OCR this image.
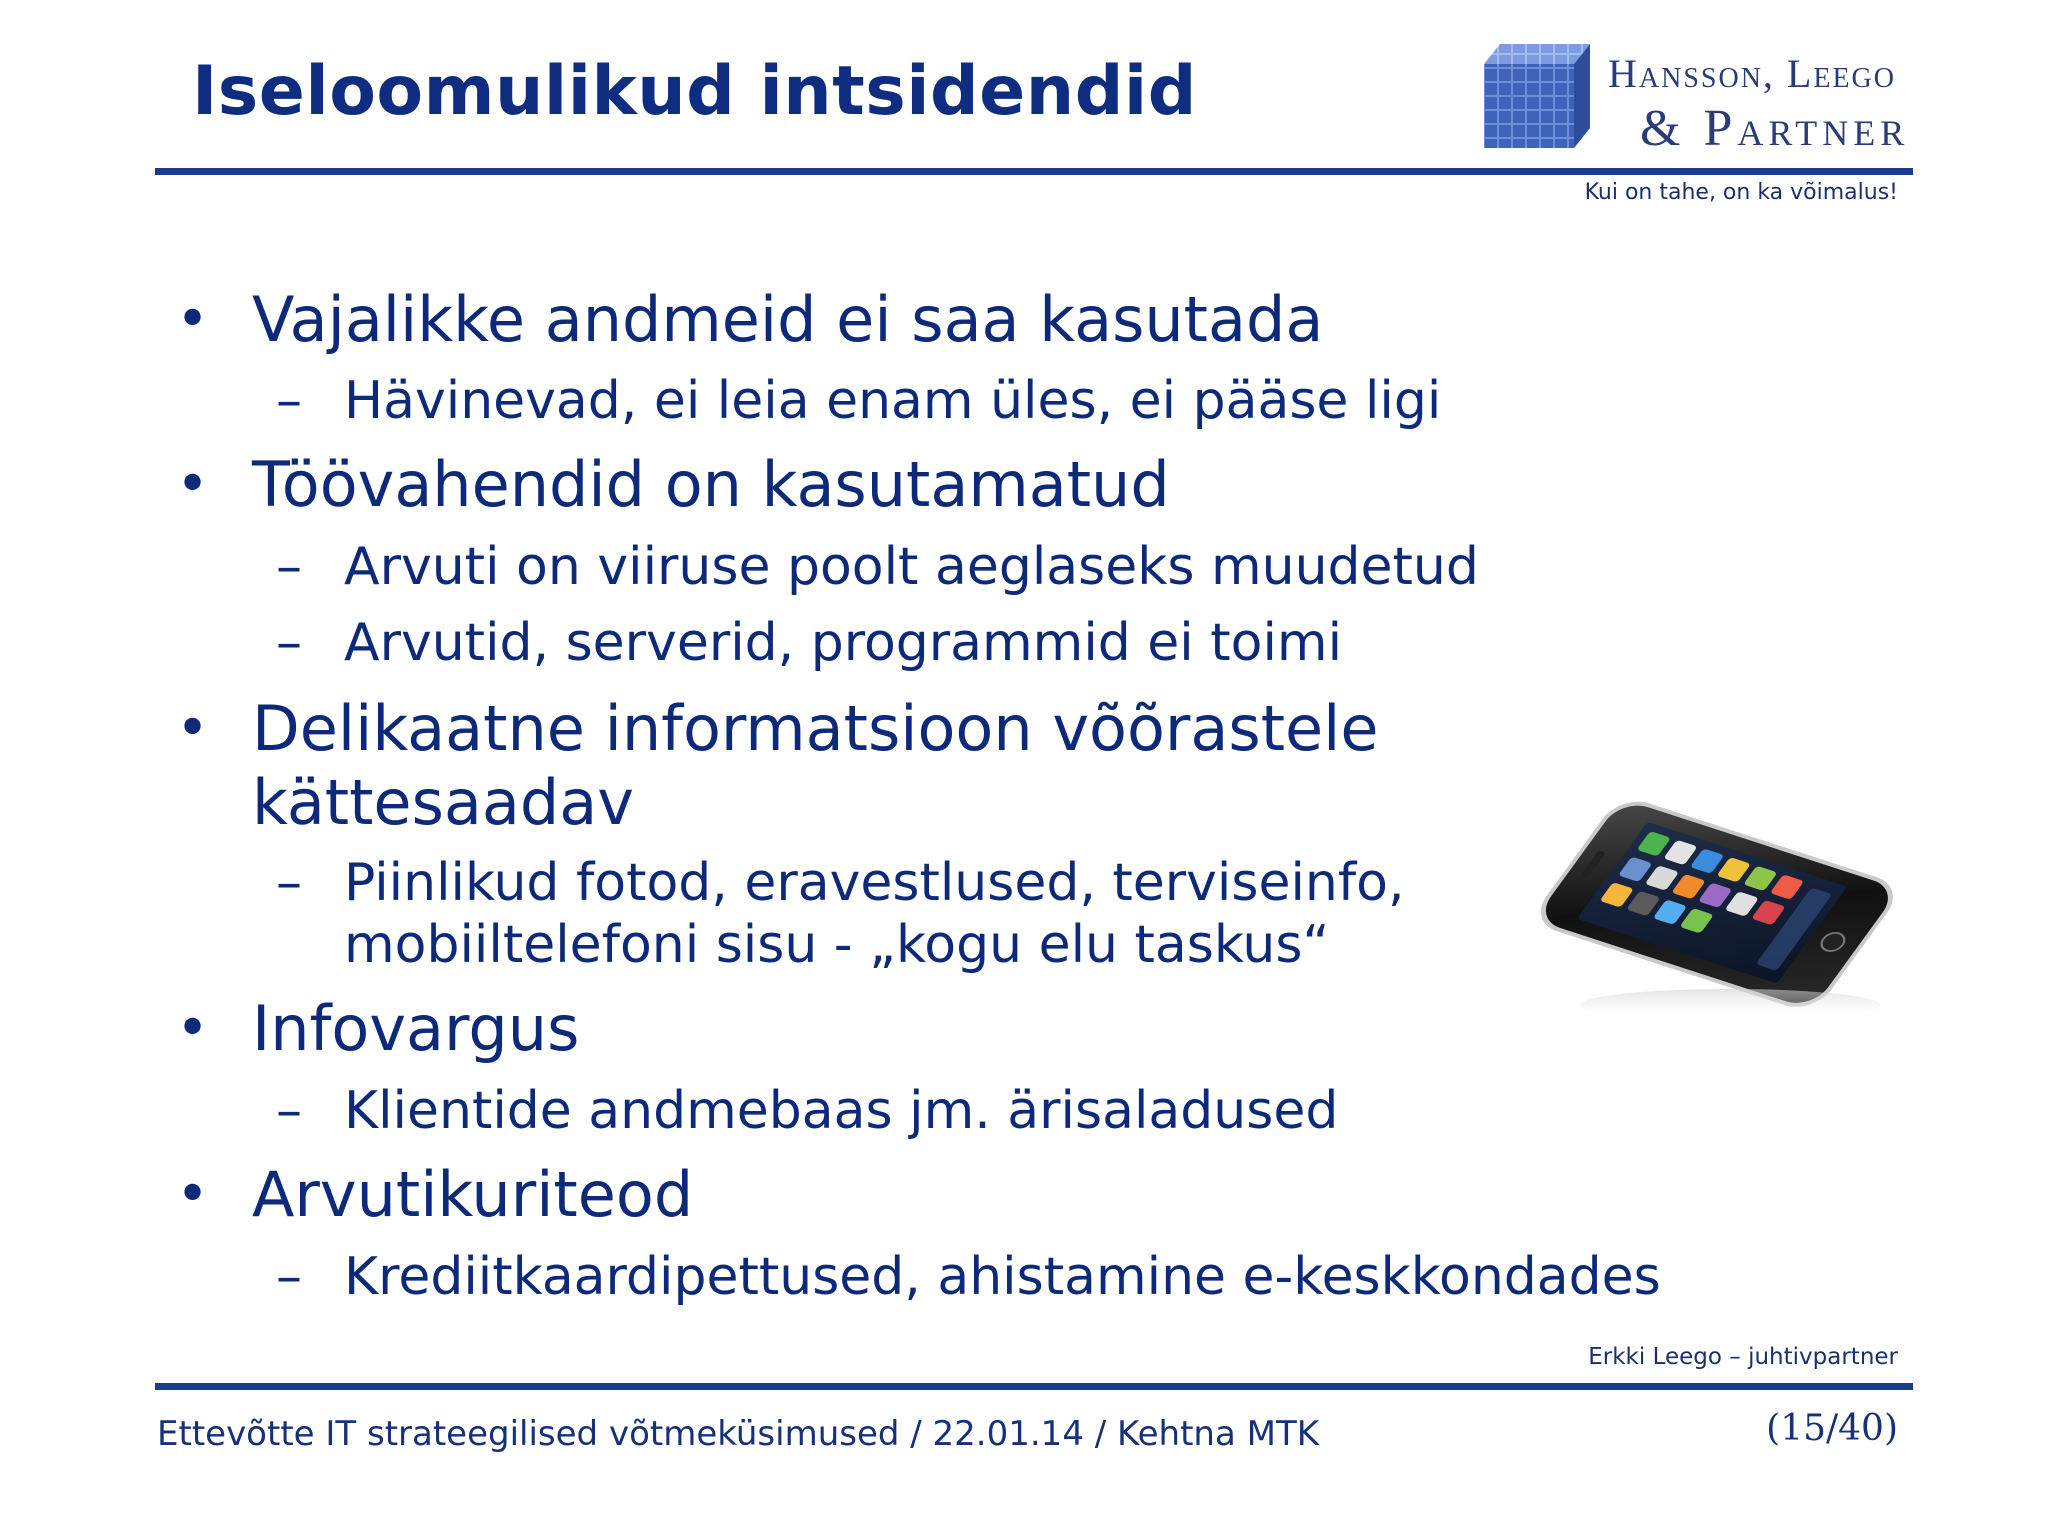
Iseloomulikud intsidendid	Hansson, Leego
& Partner
Kui on tahe, on ka võimalus!
• Vajalikke andmeid ei saa kasutada
– Hävinevad, ei leia enam üles, ei pääse ligi
• Töövahendid on kasutamatud
– Arvuti on viiruse poolt aeglaseks muudetud
– Arvutid, serverid, programmid ei toimi
• Delikaatne informatsioon võõrastele
kättesaadav
– Piinlikud fotod, eravestlused, terviseinfo,
mobiiltelefoni sisu - „kogu elu taskus“
• Infovargus
– Klientide andmebaas jm. ärisaladused
• Arvutikuriteod
– Krediitkaardipettused, ahistamine e-keskkondades
Erkki Leego – juhtivpartner
Ettevõtte IT strateegilised võtmeküsimused / 22.01.14 / Kehtna MTK	(15/40)
